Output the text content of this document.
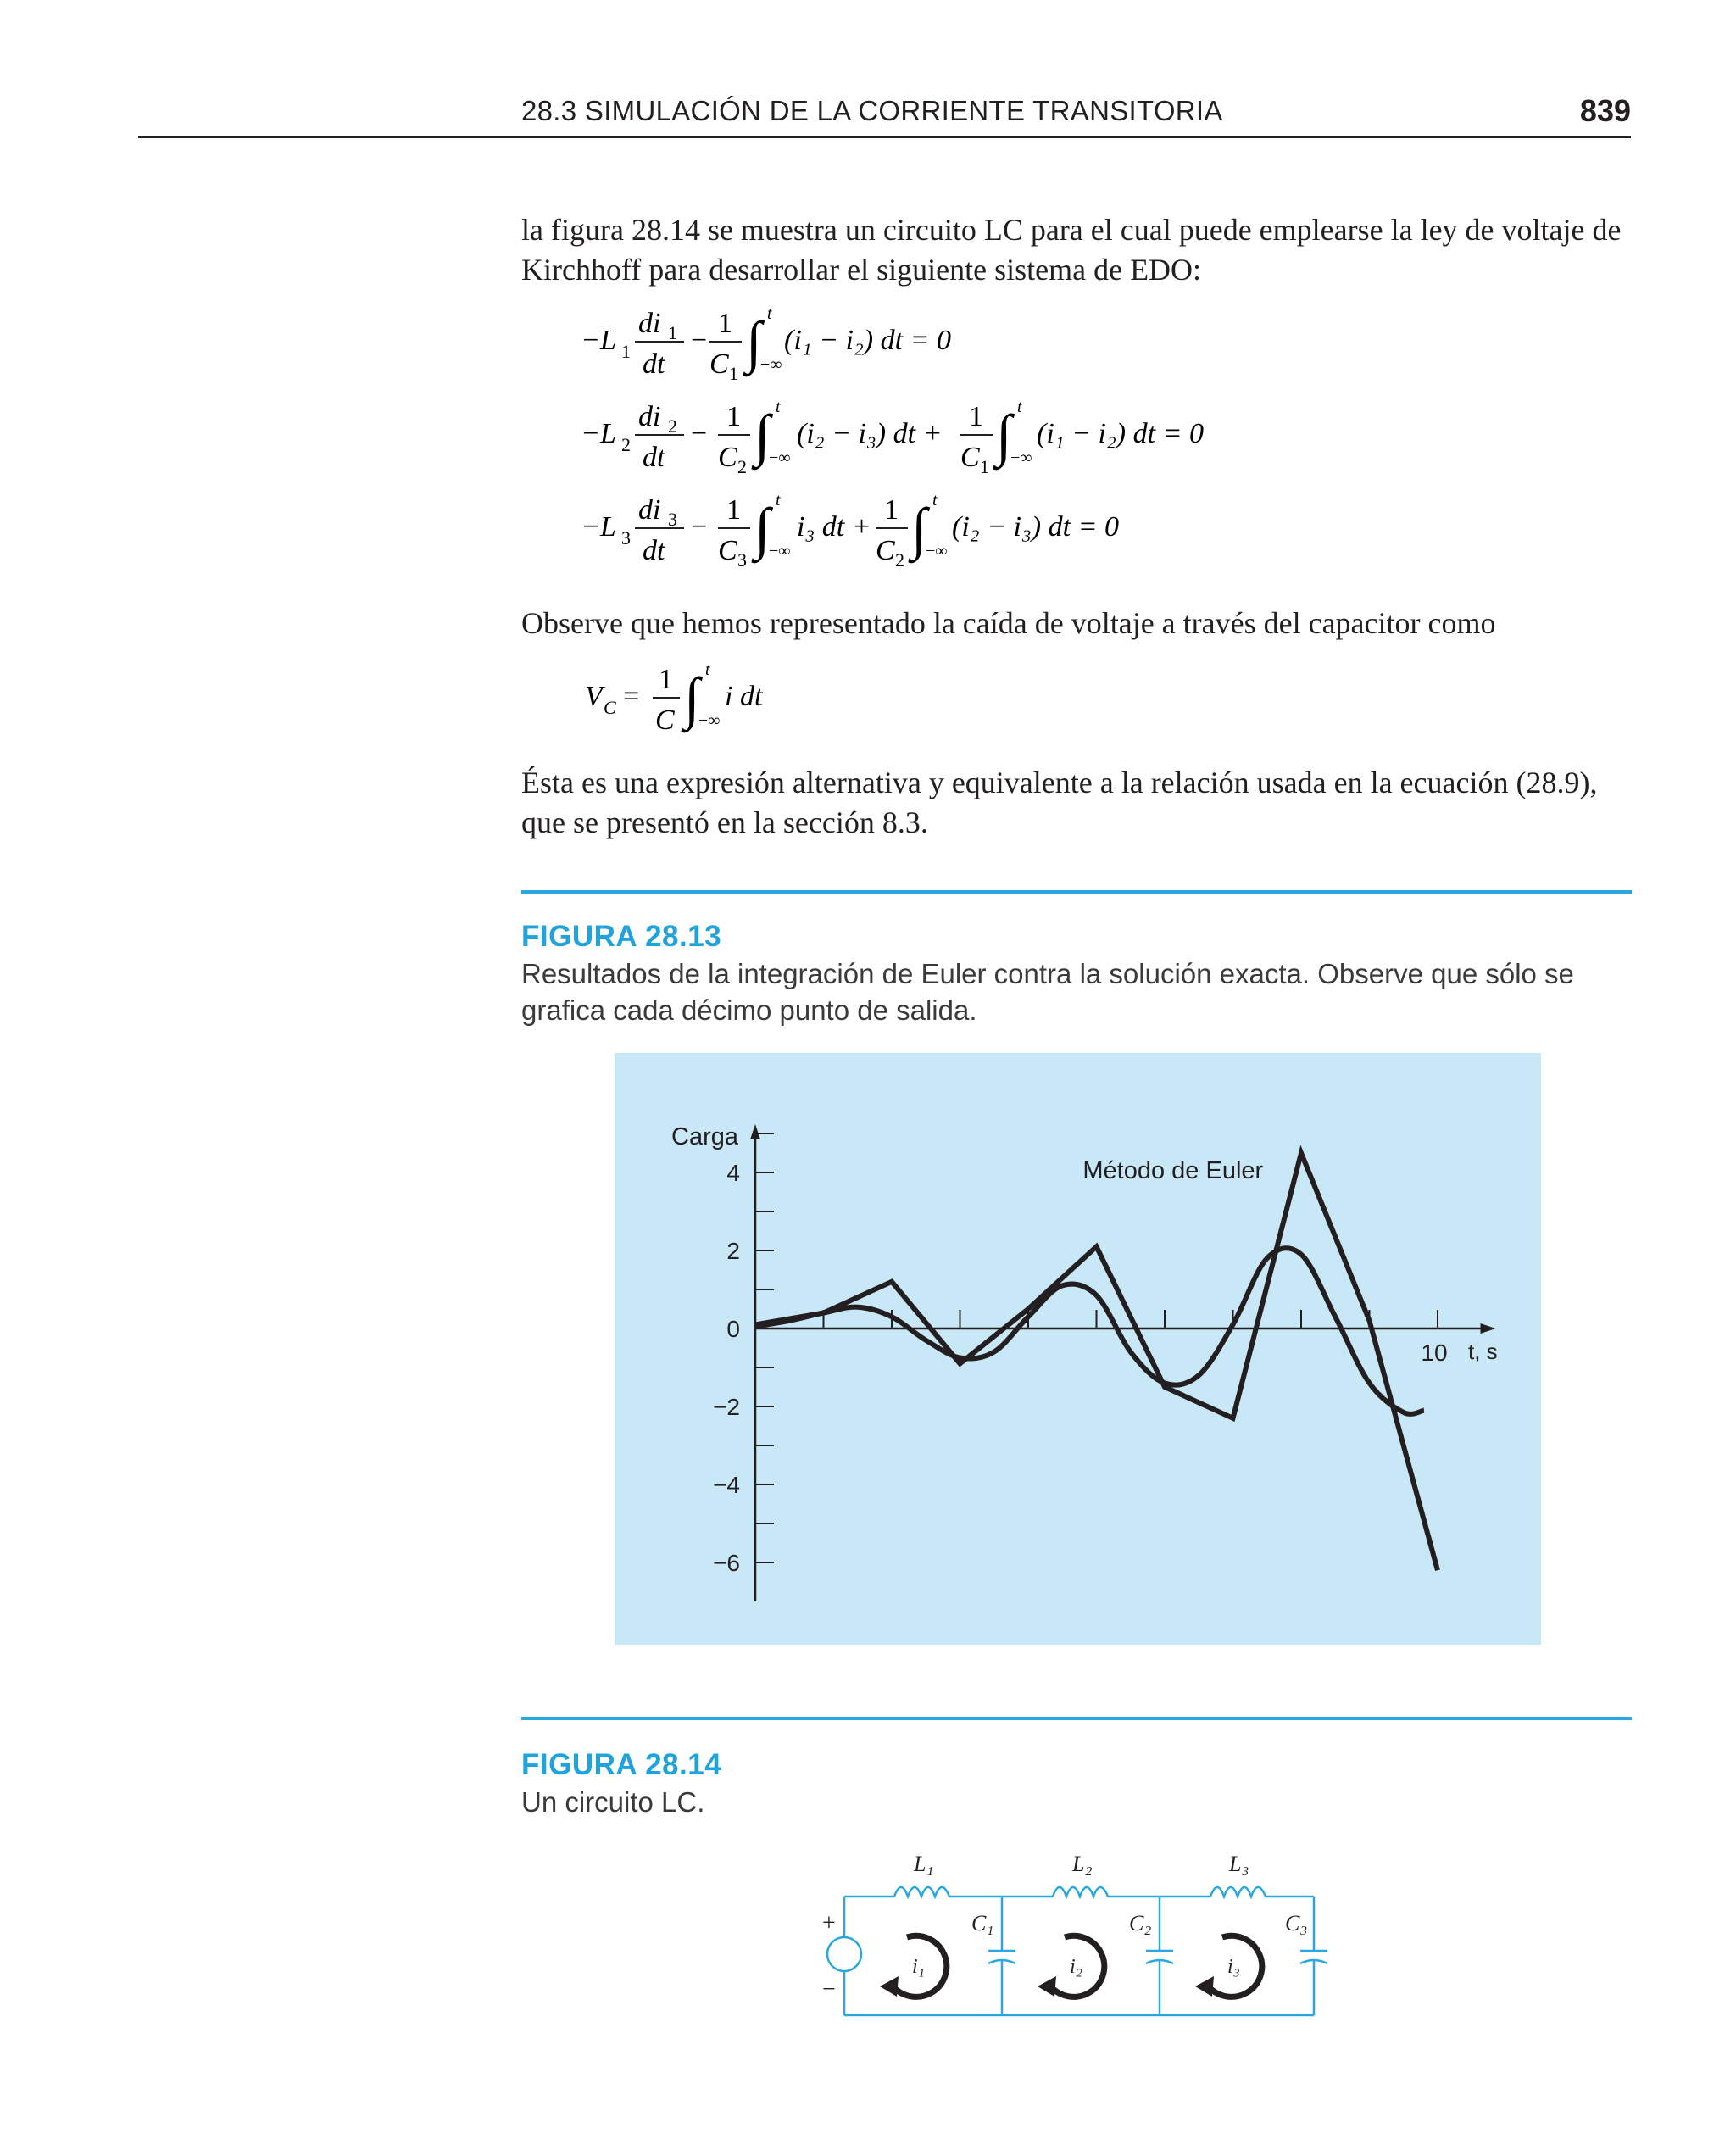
28.3 SIMULACIÓN DE LA CORRIENTE TRANSITORIA	839

la figura 28.14 se muestra un circuito LC para el cual puede emplearse la ley de voltaje de Kirchhoff para desarrollar el siguiente sistema de EDO:

−L 1
di 1
dt
−
1
C 1 ∫ t
−∞
(i₁ − i₂) dt = 0
−L 2
di 2
dt
−
1
C 2 ∫ t
−∞
(i₂ − i₃) dt +
1
C 1 ∫ t
−∞
(i₁ − i₂) dt = 0
−L 3
di 3
dt
−
1
C 3 ∫ t
−∞
i₃ dt +
1
C 2 ∫ t
−∞
(i₂ − i₃) dt = 0

Observe que hemos representado la caída de voltaje a través del capacitor como

V C =
1
C ∫ t
−∞
i dt

Ésta es una expresión alternativa y equivalente a la relación usada en la ecuación (28.9), que se presentó en la sección 8.3.

FIGURA 28.13
Resultados de la integración de Euler contra la solución exacta. Observe que sólo se grafica cada décimo punto de salida.
4
2
0
−2
−4
−6
10 t, s
Carga
Método de Euler
FIGURA 28.14
Un circuito LC.
L₁	L₂	L₃
C₁	C₂	C₃
i₁	i₂	i₃
+
−
